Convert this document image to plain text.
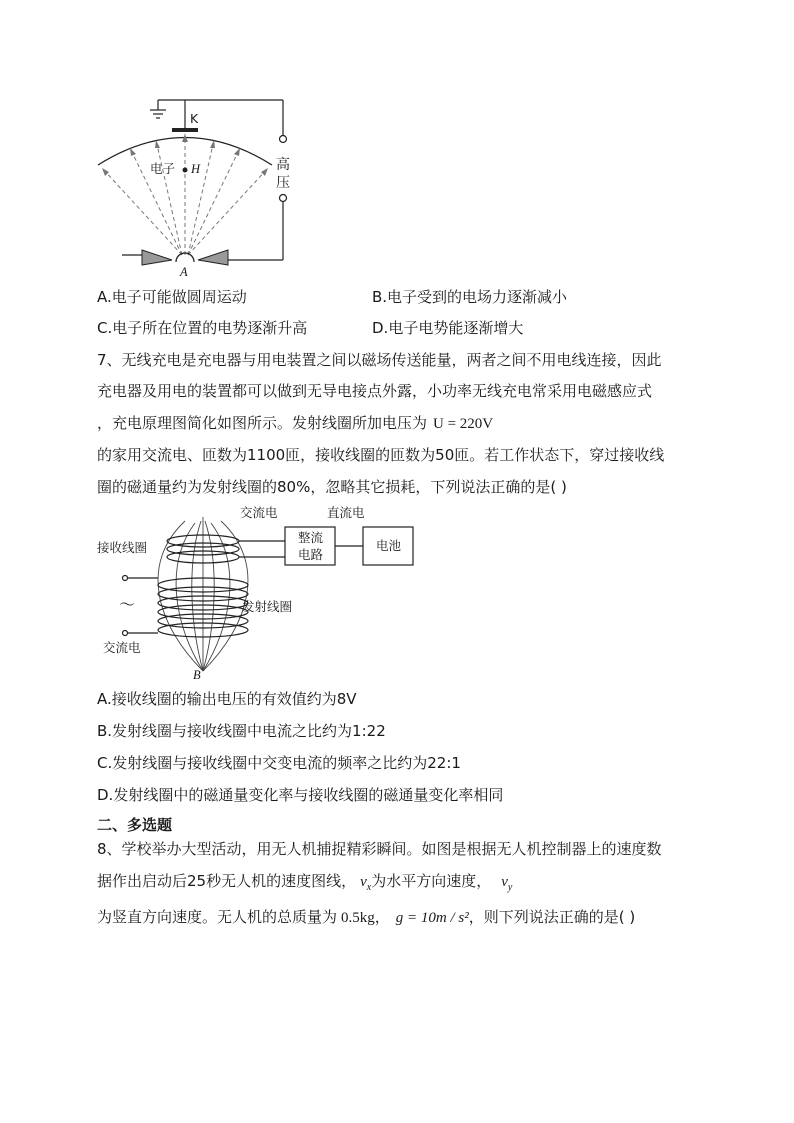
K
电子 H	高
压
A
A.电子可能做圆周运动	B.电子受到的电场力逐渐减小
C.电子所在位置的电势逐渐升高	D.电子电势能逐渐增大
7、无线充电是充电器与用电装置之间以磁场传送能量，两者之间不用电线连接，因此
充电器及用电的装置都可以做到无导电接点外露，小功率无线充电常采用电磁感应式
，充电原理图简化如图所示。发射线圈所加电压为 U = 220V
的家用交流电、匝数为1100匝，接收线圈的匝数为50匝。若工作状态下，穿过接收线
圈的磁通量约为发射线圈的80%，忽略其它损耗，下列说法正确的是( )
交流电	直流电
整流
电路
电池
接收线圈
～	发射线圈
交流电
B
A.接收线圈的输出电压的有效值约为8V
B.发射线圈与接收线圈中电流之比约为1:22
C.发射线圈与接收线圈中交变电流的频率之比约为22:1
D.发射线圈中的磁通量变化率与接收线圈的磁通量变化率相同
二、多选题
8、学校举办大型活动，用无人机捕捉精彩瞬间。如图是根据无人机控制器上的速度数
据作出启动后25秒无人机的速度图线， $v_x$为水平方向速度， $v_y$
为竖直方向速度。无人机的总质量为 0.5kg， g = 10m / s²，则下列说法正确的是( )
